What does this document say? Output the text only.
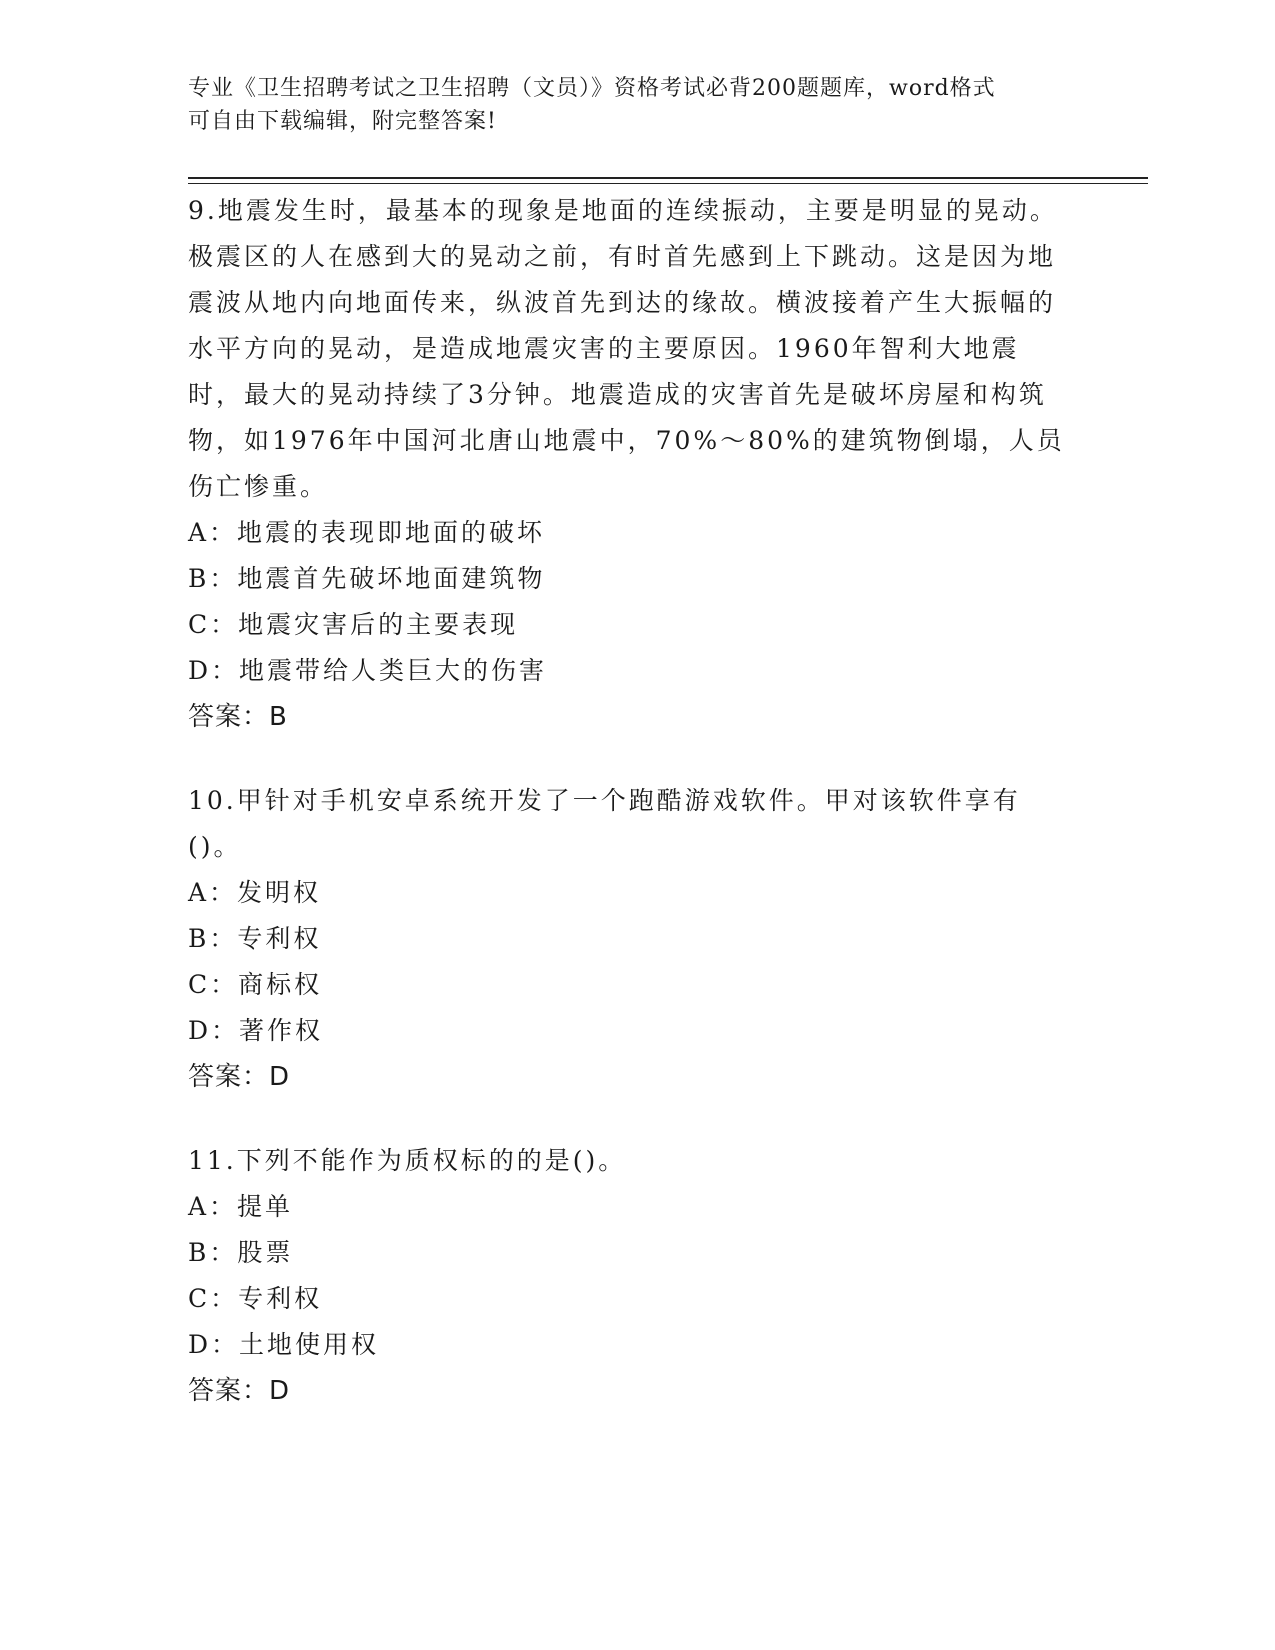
专业《卫生招聘考试之卫生招聘（文员）》资格考试必背200题题库，word格式
可自由下载编辑，附完整答案!

9.地震发生时，最基本的现象是地面的连续振动，主要是明显的晃动。极震区的人在感到大的晃动之前，有时首先感到上下跳动。这是因为地震波从地内向地面传来，纵波首先到达的缘故。横波接着产生大振幅的水平方向的晃动，是造成地震灾害的主要原因。1960年智利大地震时，最大的晃动持续了3分钟。地震造成的灾害首先是破坏房屋和构筑物，如1976年中国河北唐山地震中，70%～80%的建筑物倒塌，人员伤亡惨重。

A：地震的表现即地面的破坏

B：地震首先破坏地面建筑物

C：地震灾害后的主要表现

D：地震带给人类巨大的伤害

答案：B

10.甲针对手机安卓系统开发了一个跑酷游戏软件。甲对该软件享有()。

A：发明权

B：专利权

C：商标权

D：著作权

答案：D

11.下列不能作为质权标的的是()。

A：提单

B：股票

C：专利权

D：土地使用权

答案：D
